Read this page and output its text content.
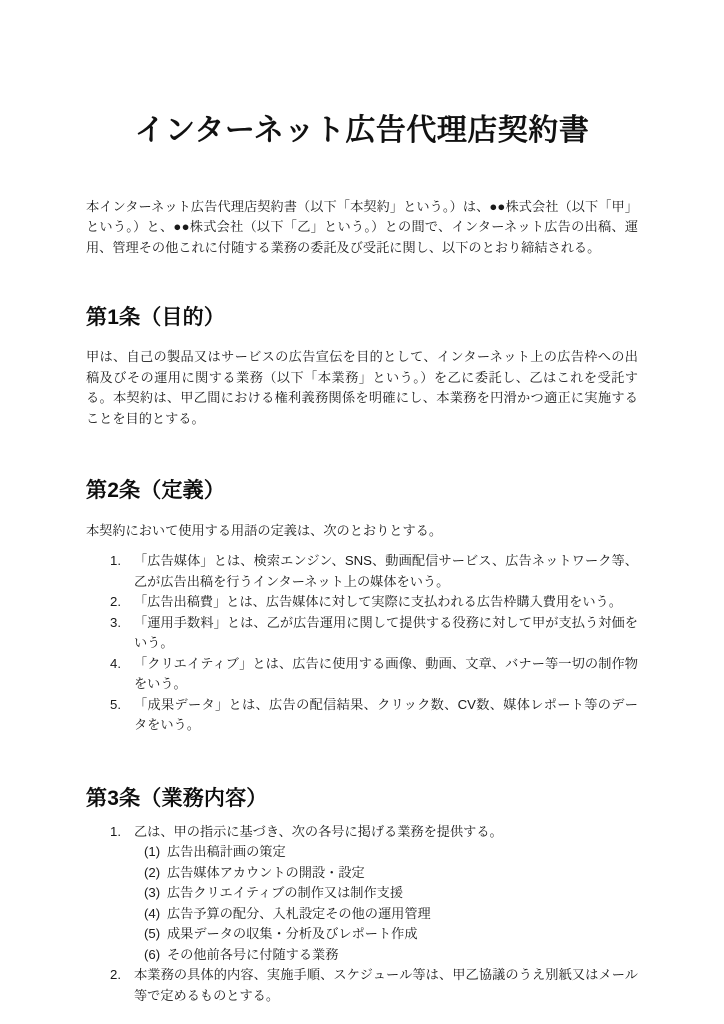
インターネット広告代理店契約書

本インターネット広告代理店契約書（以下「本契約」という。）は、●●株式会社（以下「甲」という。）と、●●株式会社（以下「乙」という。）との間で、インターネット広告の出稿、運用、管理その他これに付随する業務の委託及び受託に関し、以下のとおり締結される。

第1条（目的）

甲は、自己の製品又はサービスの広告宣伝を目的として、インターネット上の広告枠への出稿及びその運用に関する業務（以下「本業務」という。）を乙に委託し、乙はこれを受託する。本契約は、甲乙間における権利義務関係を明確にし、本業務を円滑かつ適正に実施することを目的とする。

第2条（定義）

本契約において使用する用語の定義は、次のとおりとする。

「広告媒体」とは、検索エンジン、SNS、動画配信サービス、広告ネットワーク等、乙が広告出稿を行うインターネット上の媒体をいう。
「広告出稿費」とは、広告媒体に対して実際に支払われる広告枠購入費用をいう。
「運用手数料」とは、乙が広告運用に関して提供する役務に対して甲が支払う対価をいう。
「クリエイティブ」とは、広告に使用する画像、動画、文章、バナー等一切の制作物をいう。
「成果データ」とは、広告の配信結果、クリック数、CV数、媒体レポート等のデータをいう。
第3条（業務内容）
乙は、甲の指示に基づき、次の各号に掲げる業務を提供する。
(1) 広告出稿計画の策定
(2) 広告媒体アカウントの開設・設定
(3) 広告クリエイティブの制作又は制作支援
(4) 広告予算の配分、入札設定その他の運用管理
(5) 成果データの収集・分析及びレポート作成
(6) その他前各号に付随する業務
本業務の具体的内容、実施手順、スケジュール等は、甲乙協議のうえ別紙又はメール等で定めるものとする。
